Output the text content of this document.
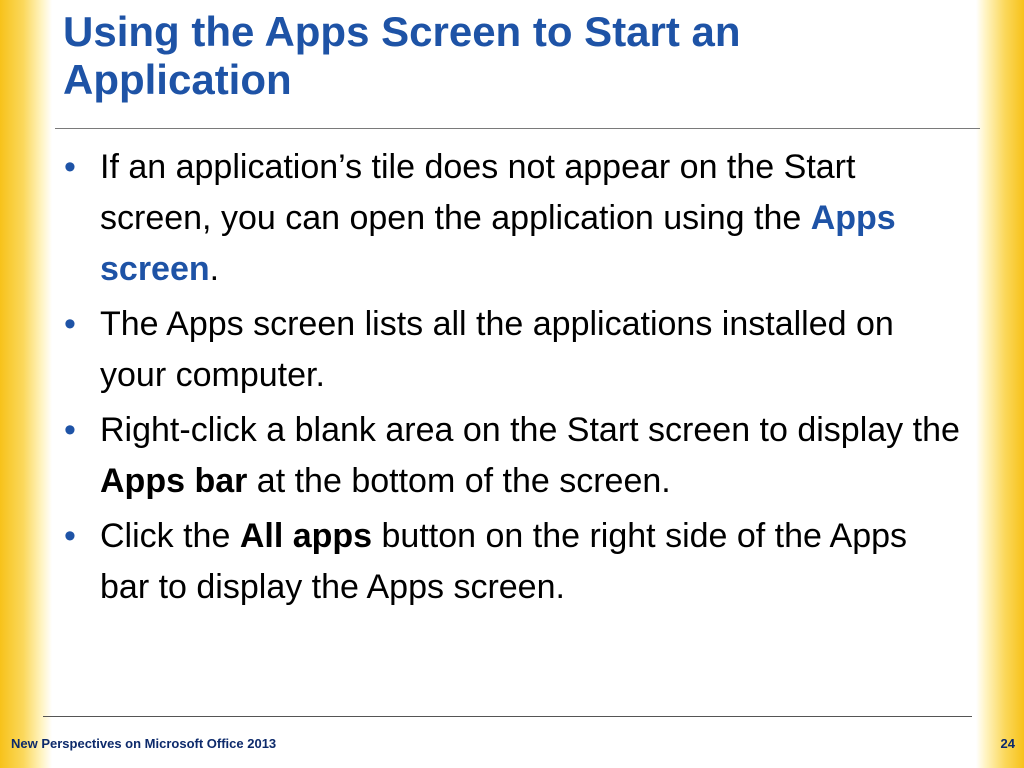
Using the Apps Screen to Start an Application
• If an application’s tile does not appear on the Start screen, you can open the application using the Apps screen.
• The Apps screen lists all the applications installed on your computer.
• Right-click a blank area on the Start screen to display the Apps bar at the bottom of the screen.
• Click the All apps button on the right side of the Apps bar to display the Apps screen.
New Perspectives on Microsoft Office 2013	24
